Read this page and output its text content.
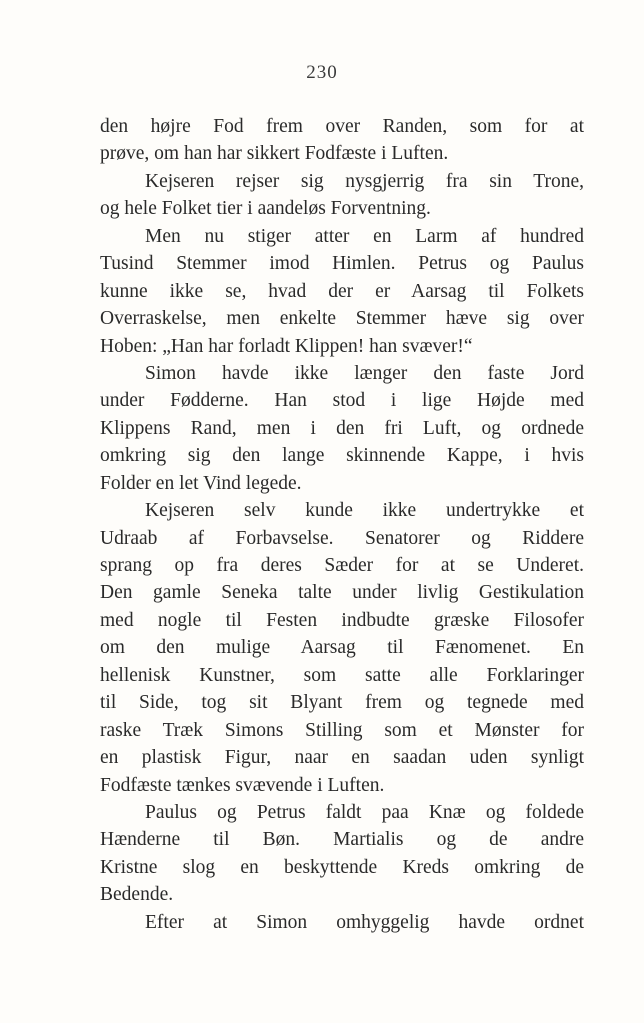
230
den højre Fod frem over Randen, som for at
prøve, om han har sikkert Fodfæste i Luften.
Kejseren rejser sig nysgjerrig fra sin Trone,
og hele Folket tier i aandeløs Forventning.
Men nu stiger atter en Larm af hundred
Tusind Stemmer imod Himlen. Petrus og Paulus
kunne ikke se, hvad der er Aarsag til Folkets
Overraskelse, men enkelte Stemmer hæve sig over
Hoben: „Han har forladt Klippen! han svæver!“
Simon havde ikke længer den faste Jord
under Fødderne. Han stod i lige Højde med
Klippens Rand, men i den fri Luft, og ordnede
omkring sig den lange skinnende Kappe, i hvis
Folder en let Vind legede.
Kejseren selv kunde ikke undertrykke et
Udraab af Forbavselse. Senatorer og Riddere
sprang op fra deres Sæder for at se Underet.
Den gamle Seneka talte under livlig Gestikulation
med nogle til Festen indbudte græske Filosofer
om den mulige Aarsag til Fænomenet. En
hellenisk Kunstner, som satte alle Forklaringer
til Side, tog sit Blyant frem og tegnede med
raske Træk Simons Stilling som et Mønster for
en plastisk Figur, naar en saadan uden synligt
Fodfæste tænkes svævende i Luften.
Paulus og Petrus faldt paa Knæ og foldede
Hænderne til Bøn. Martialis og de andre
Kristne slog en beskyttende Kreds omkring de
Bedende.
Efter at Simon omhyggelig havde ordnet
